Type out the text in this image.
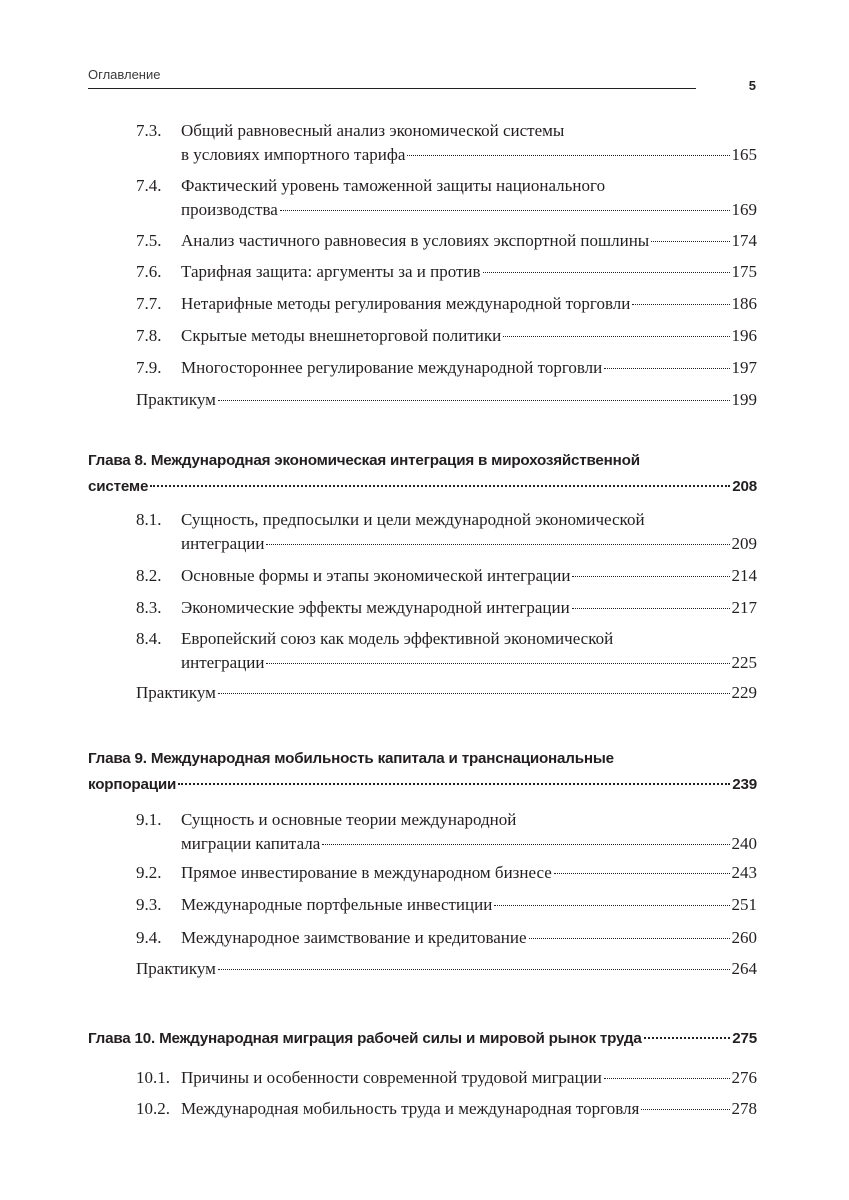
Оглавление
5
7.3. Общий равновесный анализ экономической системы
в условиях импортного тарифа	165
7.4. Фактический уровень таможенной защиты национального
производства	169
7.5. Анализ частичного равновесия в условиях экспортной пошлины	174
7.6. Тарифная защита: аргументы за и против	175
7.7. Нетарифные методы регулирования международной торговли	186
7.8. Скрытые методы внешнеторговой политики	196
7.9. Многостороннее регулирование международной торговли	197
Практикум	199
Глава 8. Международная экономическая интеграция в мирохозяйственной
системе	208
8.1. Сущность, предпосылки и цели международной экономической
интеграции	209
8.2. Основные формы и этапы экономической интеграции	214
8.3. Экономические эффекты международной интеграции	217
8.4. Европейский союз как модель эффективной экономической
интеграции	225
Практикум	229
Глава 9. Международная мобильность капитала и транснациональные
корпорации	239
9.1. Сущность и основные теории международной
миграции капитала	240
9.2. Прямое инвестирование в международном бизнесе	243
9.3. Международные портфельные инвестиции	251
9.4. Международное заимствование и кредитование	260
Практикум	264
Глава 10. Международная миграция рабочей силы и мировой рынок труда	275
10.1. Причины и особенности современной трудовой миграции	276
10.2. Международная мобильность труда и международная торговля	278
